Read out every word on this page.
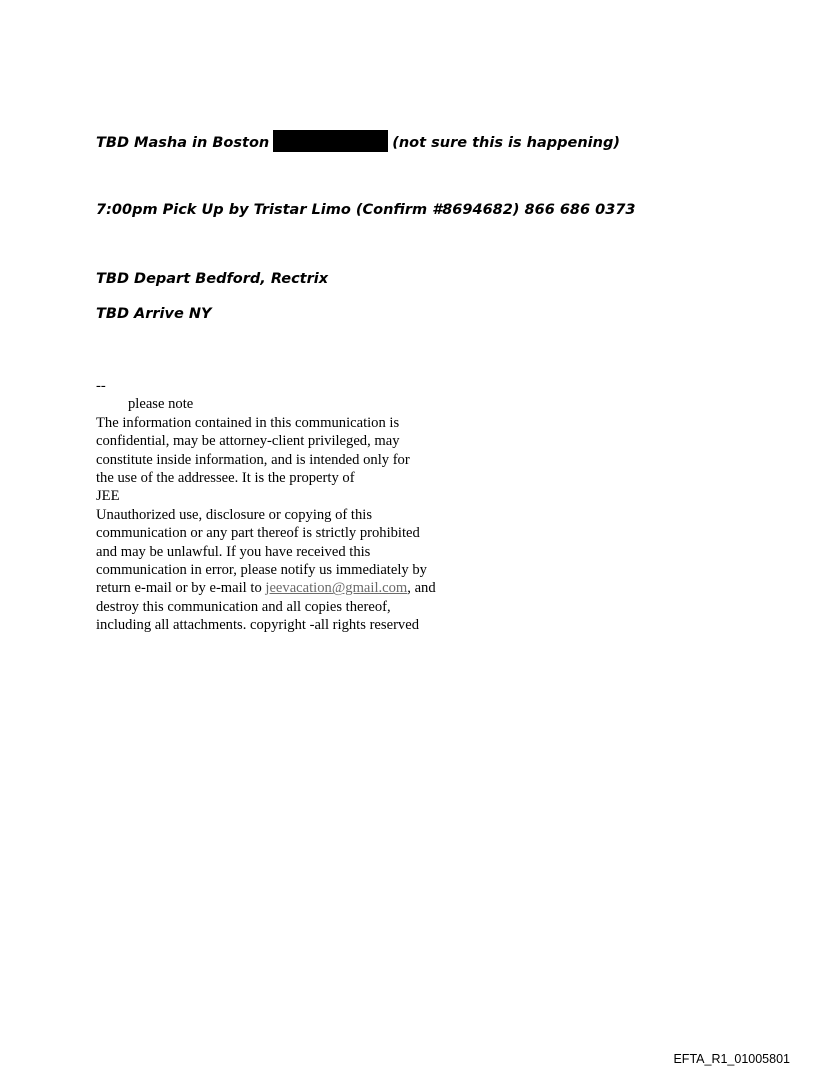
TBD Masha in Boston	(not sure this is happening)

7:00pm Pick Up by Tristar Limo (Confirm #8694682) 866 686 0373

TBD Depart Bedford, Rectrix

TBD Arrive NY

--

please note

The information contained in this communication is

confidential, may be attorney-client privileged, may

constitute inside information, and is intended only for

the use of the addressee. It is the property of

JEE

Unauthorized use, disclosure or copying of this

communication or any part thereof is strictly prohibited

and may be unlawful. If you have received this

communication in error, please notify us immediately by

return e-mail or by e-mail to jeevacation@gmail.com, and

destroy this communication and all copies thereof,

including all attachments. copyright -all rights reserved

EFTA_R1_01005801
